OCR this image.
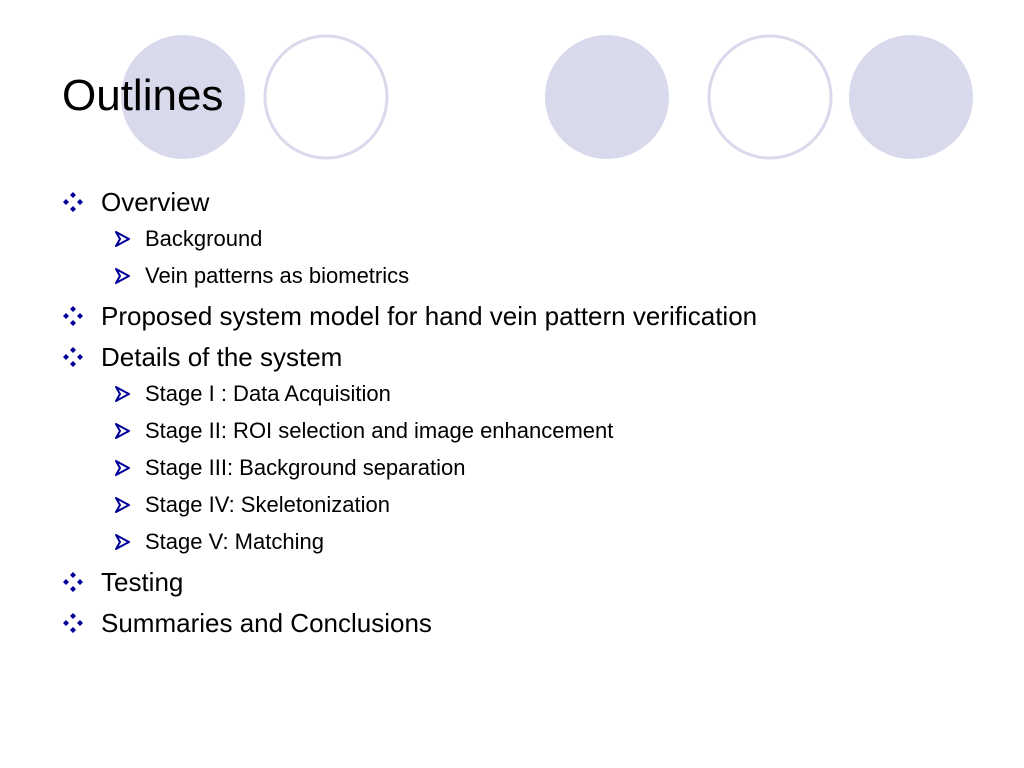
Outlines
Overview
Background
Vein patterns as biometrics
Proposed system model for hand vein pattern verification
Details of the system
Stage I : Data Acquisition
Stage II: ROI selection and image enhancement
Stage III: Background separation
Stage IV: Skeletonization
Stage V: Matching
Testing
Summaries and Conclusions
